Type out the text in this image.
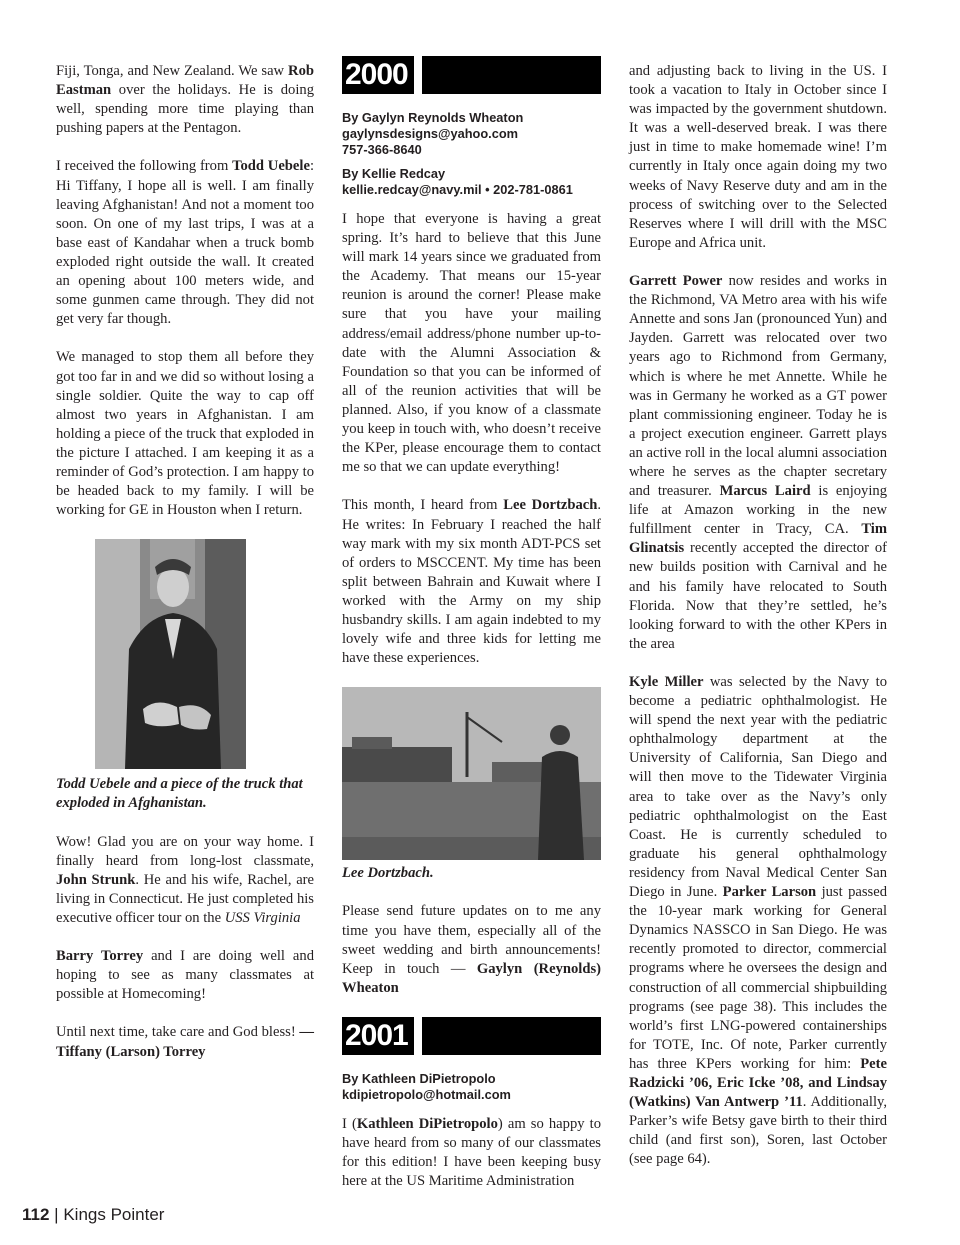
Fiji, Tonga, and New Zealand. We saw Rob Eastman over the holidays. He is doing well, spending more time playing than pushing papers at the Pentagon.

I received the following from Todd Uebele: Hi Tiffany, I hope all is well. I am finally leaving Afghanistan! And not a moment too soon. On one of my last trips, I was at a base east of Kandahar when a truck bomb exploded right outside the wall. It created an opening about 100 meters wide, and some gunmen came through. They did not get very far though.

We managed to stop them all before they got too far in and we did so without losing a single soldier. Quite the way to cap off almost two years in Afghanistan. I am holding a piece of the truck that exploded in the picture I attached. I am keeping it as a reminder of God’s protection. I am happy to be headed back to my family. I will be working for GE in Houston when I return.

Todd Uebele and a piece of the truck that exploded in Afghanistan.

Wow! Glad you are on your way home. I finally heard from long-lost classmate, John Strunk. He and his wife, Rachel, are living in Connecticut. He just completed his executive officer tour on the USS Virginia

Barry Torrey and I are doing well and hoping to see as many classmates at possible at Homecoming!

Until next time, take care and God bless! — Tiffany (Larson) Torrey

2000
By Gaylyn Reynolds Wheaton
gaylynsdesigns@yahoo.com
757-366-8640
By Kellie Redcay
kellie.redcay@navy.mil • 202-781-0861

I hope that everyone is having a great spring. It’s hard to believe that this June will mark 14 years since we graduated from the Academy. That means our 15-year reunion is around the corner! Please make sure that you have your mailing address/email address/phone number up-to-date with the Alumni Association & Foundation so that you can be informed of all of the reunion activities that will be planned. Also, if you know of a classmate you keep in touch with, who doesn’t receive the KPer, please encourage them to contact me so that we can update everything!

This month, I heard from Lee Dortzbach. He writes: In February I reached the half way mark with my six month ADT-PCS set of orders to MSCCENT. My time has been split between Bahrain and Kuwait where I worked with the Army on my ship husbandry skills. I am again indebted to my lovely wife and three kids for letting me have these experiences.

Lee Dortzbach.

Please send future updates on to me any time you have them, especially all of the sweet wedding and birth announcements! Keep in touch — Gaylyn (Reynolds) Wheaton

2001
By Kathleen DiPietropolo
kdipietropolo@hotmail.com

I (Kathleen DiPietropolo) am so happy to have heard from so many of our classmates for this edition! I have been keeping busy here at the US Maritime Administration

and adjusting back to living in the US. I took a vacation to Italy in October since I was impacted by the government shutdown. It was a well-deserved break. I was there just in time to make homemade wine! I’m currently in Italy once again doing my two weeks of Navy Reserve duty and am in the process of switching over to the Selected Reserves where I will drill with the MSC Europe and Africa unit.

Garrett Power now resides and works in the Richmond, VA Metro area with his wife Annette and sons Jan (pronounced Yun) and Jayden. Garrett was relocated over two years ago to Richmond from Germany, which is where he met Annette. While he was in Germany he worked as a GT power plant commissioning engineer. Today he is a project execution engineer. Garrett plays an active roll in the local alumni association where he serves as the chapter secretary and treasurer. Marcus Laird is enjoying life at Amazon working in the new fulfillment center in Tracy, CA. Tim Glinatsis recently accepted the director of new builds position with Carnival and he and his family have relocated to South Florida. Now that they’re settled, he’s looking forward to with the other KPers in the area

Kyle Miller was selected by the Navy to become a pediatric ophthalmologist. He will spend the next year with the pediatric ophthalmology department at the University of California, San Diego and will then move to the Tidewater Virginia area to take over as the Navy’s only pediatric ophthalmologist on the East Coast. He is currently scheduled to graduate his general ophthalmology residency from Naval Medical Center San Diego in June. Parker Larson just passed the 10-year mark working for General Dynamics NASSCO in San Diego. He was recently promoted to director, commercial programs where he oversees the design and construction of all commercial shipbuilding programs (see page 38). This includes the world’s first LNG-powered containerships for TOTE, Inc. Of note, Parker currently has three KPers working for him: Pete Radzicki ’06, Eric Icke ’08, and Lindsay (Watkins) Van Antwerp ’11. Additionally, Parker’s wife Betsy gave birth to their third child (and first son), Soren, last October (see page 64).

112 | Kings Pointer
